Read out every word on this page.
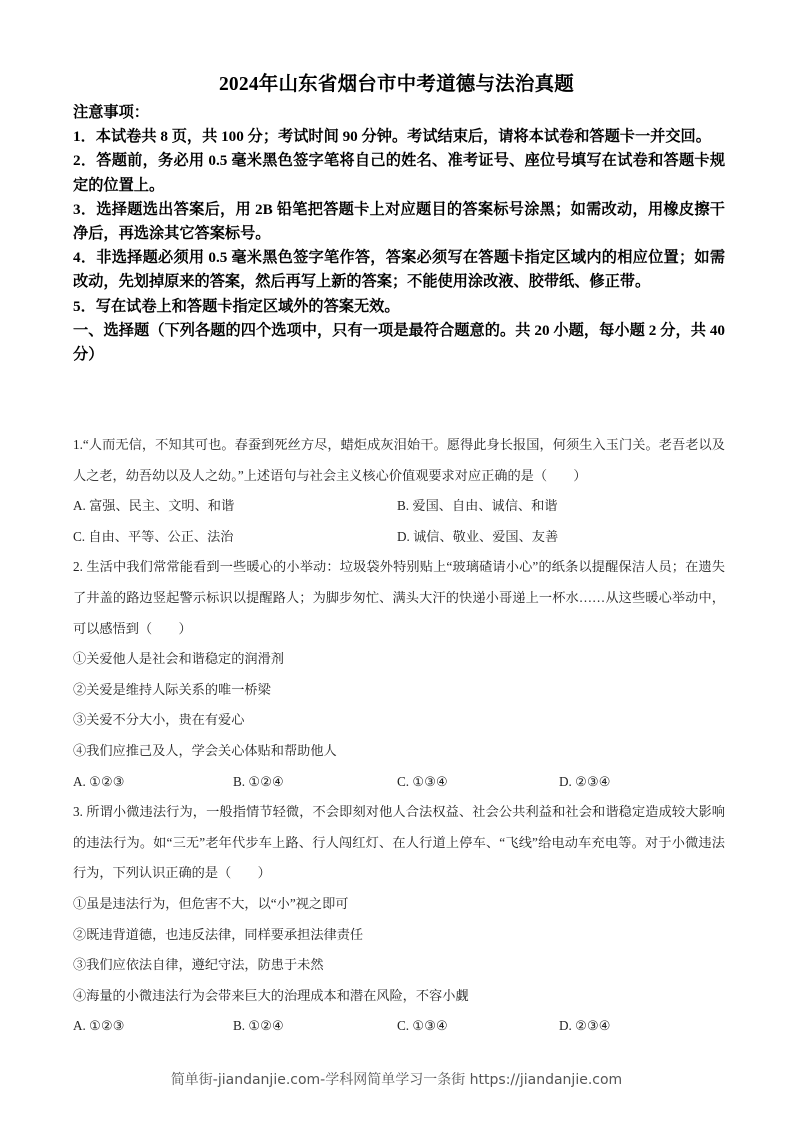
2024年山东省烟台市中考道德与法治真题

注意事项：

1．本试卷共 8 页，共 100 分；考试时间 90 分钟。考试结束后，请将本试卷和答题卡一并交回。

2．答题前，务必用 0.5 毫米黑色签字笔将自己的姓名、准考证号、座位号填写在试卷和答题卡规定的位置上。

3．选择题选出答案后，用 2B 铅笔把答题卡上对应题目的答案标号涂黑；如需改动，用橡皮擦干净后，再选涂其它答案标号。

4．非选择题必须用 0.5 毫米黑色签字笔作答，答案必须写在答题卡指定区域内的相应位置；如需改动，先划掉原来的答案，然后再写上新的答案；不能使用涂改液、胶带纸、修正带。

5．写在试卷上和答题卡指定区域外的答案无效。

一、选择题（下列各题的四个选项中，只有一项是最符合题意的。共 20 小题，每小题 2 分，共 40 分）

1.“人而无信，不知其可也。春蚕到死丝方尽，蜡炬成灰泪始干。愿得此身长报国，何须生入玉门关。老吾老以及人之老，幼吾幼以及人之幼。”上述语句与社会主义核心价值观要求对应正确的是（　　）

A. 富强、民主、文明、和谐	B. 爱国、自由、诚信、和谐
C. 自由、平等、公正、法治	D. 诚信、敬业、爱国、友善

2. 生活中我们常常能看到一些暖心的小举动：垃圾袋外特别贴上“玻璃碴请小心”的纸条以提醒保洁人员；在遗失了井盖的路边竖起警示标识以提醒路人；为脚步匆忙、满头大汗的快递小哥递上一杯水……从这些暖心举动中，可以感悟到（　　）

①关爱他人是社会和谐稳定的润滑剂

②关爱是维持人际关系的唯一桥梁

③关爱不分大小，贵在有爱心

④我们应推己及人，学会关心体贴和帮助他人

A. ①②③	B. ①②④	C. ①③④	D. ②③④

3. 所谓小微违法行为，一般指情节轻微，不会即刻对他人合法权益、社会公共利益和社会和谐稳定造成较大影响的违法行为。如“三无”老年代步车上路、行人闯红灯、在人行道上停车、“飞线”给电动车充电等。对于小微违法行为，下列认识正确的是（　　）

①虽是违法行为，但危害不大，以“小”视之即可

②既违背道德，也违反法律，同样要承担法律责任

③我们应依法自律，遵纪守法，防患于未然

④海量的小微违法行为会带来巨大的治理成本和潜在风险，不容小觑

A. ①②③	B. ①②④	C. ①③④	D. ②③④
简单街-jiandanjie.com-学科网简单学习一条街 https://jiandanjie.com
